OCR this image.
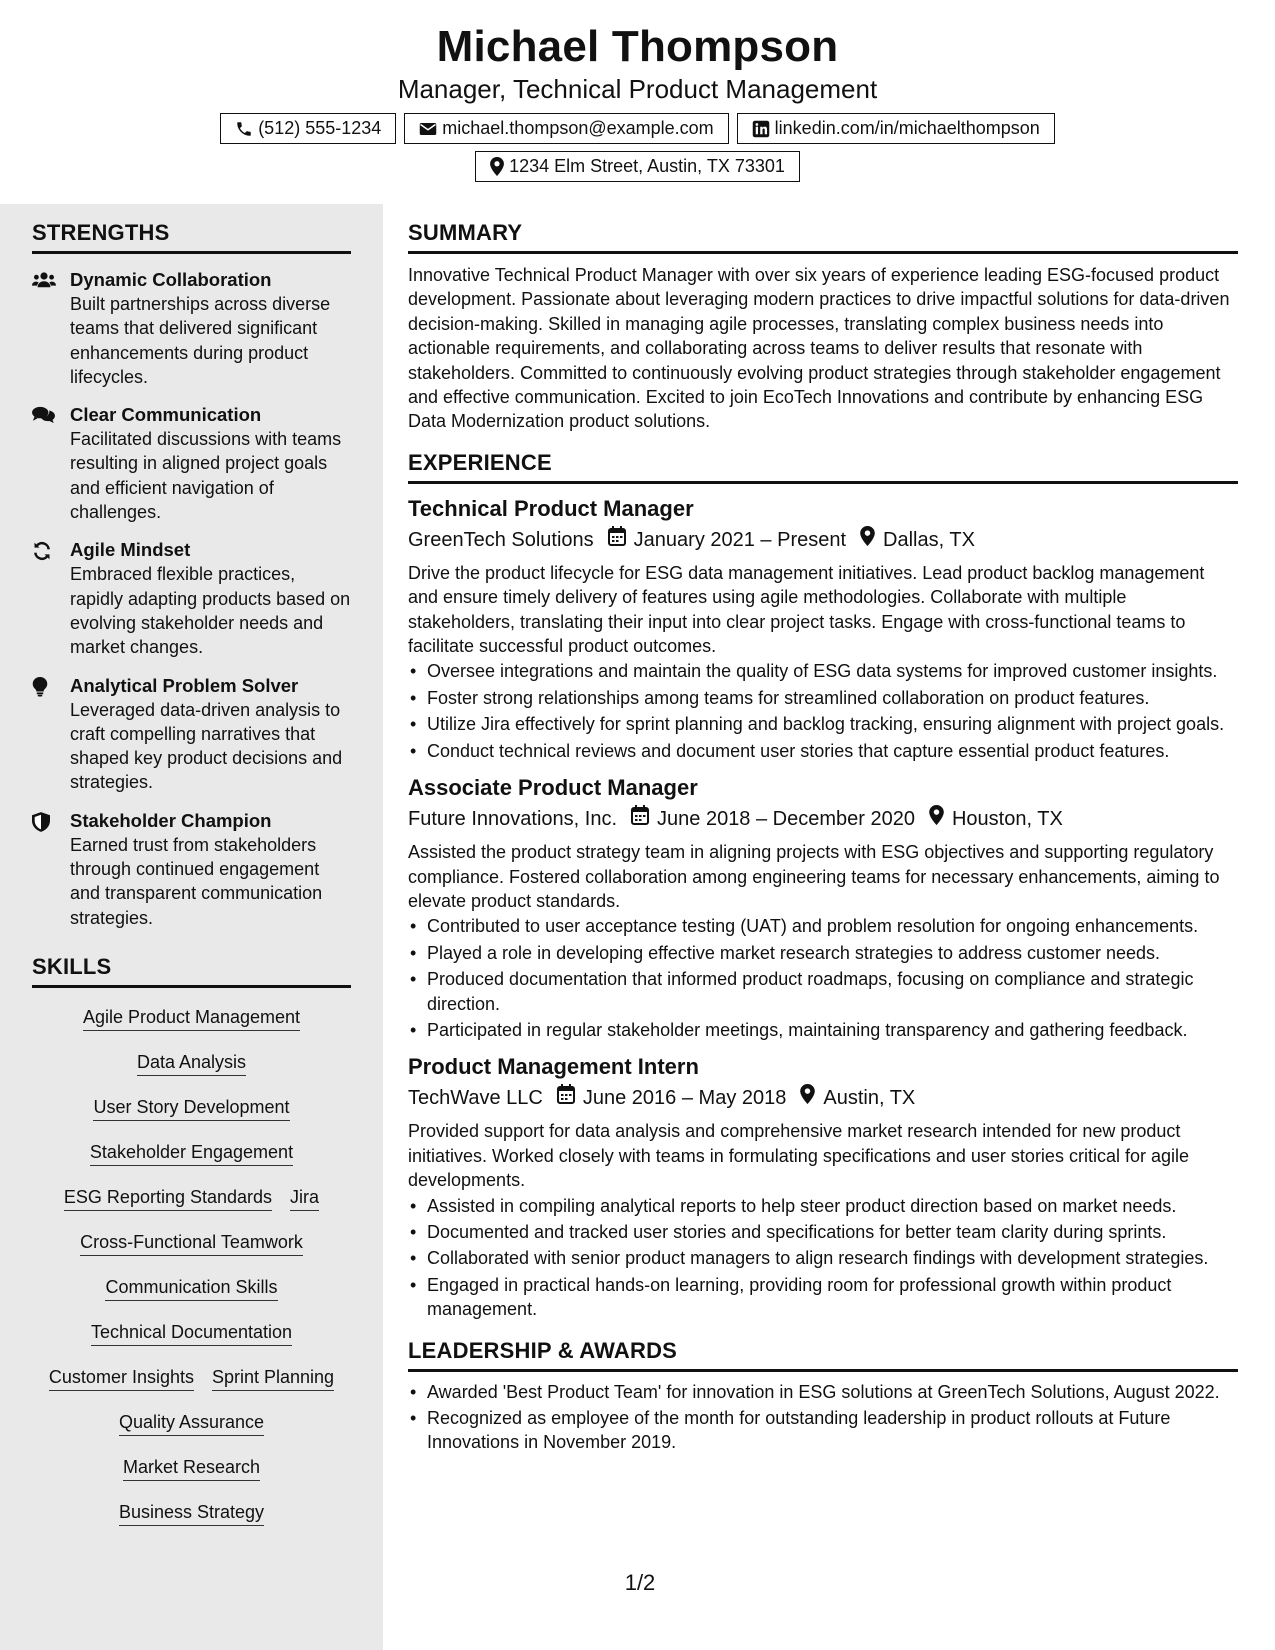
Michael Thompson
Manager, Technical Product Management
(512) 555-1234	michael.thompson@example.com	linkedin.com/in/michaelthompson
1234 Elm Street, Austin, TX 73301
STRENGTHS
Dynamic Collaboration
Built partnerships across diverse teams that delivered significant enhancements during product lifecycles.
Clear Communication
Facilitated discussions with teams resulting in aligned project goals and efficient navigation of challenges.
Agile Mindset
Embraced flexible practices, rapidly adapting products based on evolving stakeholder needs and market changes.
Analytical Problem Solver
Leveraged data-driven analysis to craft compelling narratives that shaped key product decisions and strategies.
Stakeholder Champion
Earned trust from stakeholders through continued engagement and transparent communication strategies.
SKILLS
Agile Product Management
Data Analysis
User Story Development
Stakeholder Engagement
ESG Reporting Standards Jira
Cross-Functional Teamwork
Communication Skills
Technical Documentation
Customer Insights Sprint Planning
Quality Assurance
Market Research
Business Strategy
SUMMARY
Innovative Technical Product Manager with over six years of experience leading ESG-focused product development. Passionate about leveraging modern practices to drive impactful solutions for data-driven decision-making. Skilled in managing agile processes, translating complex business needs into actionable requirements, and collaborating across teams to deliver results that resonate with stakeholders. Committed to continuously evolving product strategies through stakeholder engagement and effective communication. Excited to join EcoTech Innovations and contribute by enhancing ESG Data Modernization product solutions.
EXPERIENCE
Technical Product Manager
GreenTech Solutions January 2021 – Present Dallas, TX
Drive the product lifecycle for ESG data management initiatives. Lead product backlog management and ensure timely delivery of features using agile methodologies. Collaborate with multiple stakeholders, translating their input into clear project tasks. Engage with cross-functional teams to facilitate successful product outcomes.
• Oversee integrations and maintain the quality of ESG data systems for improved customer insights.
• Foster strong relationships among teams for streamlined collaboration on product features.
• Utilize Jira effectively for sprint planning and backlog tracking, ensuring alignment with project goals.
• Conduct technical reviews and document user stories that capture essential product features.
Associate Product Manager
Future Innovations, Inc. June 2018 – December 2020 Houston, TX
Assisted the product strategy team in aligning projects with ESG objectives and supporting regulatory compliance. Fostered collaboration among engineering teams for necessary enhancements, aiming to elevate product standards.
• Contributed to user acceptance testing (UAT) and problem resolution for ongoing enhancements.
• Played a role in developing effective market research strategies to address customer needs.
• Produced documentation that informed product roadmaps, focusing on compliance and strategic direction.
• Participated in regular stakeholder meetings, maintaining transparency and gathering feedback.
Product Management Intern
TechWave LLC June 2016 – May 2018 Austin, TX
Provided support for data analysis and comprehensive market research intended for new product initiatives. Worked closely with teams in formulating specifications and user stories critical for agile developments.
• Assisted in compiling analytical reports to help steer product direction based on market needs.
• Documented and tracked user stories and specifications for better team clarity during sprints.
• Collaborated with senior product managers to align research findings with development strategies.
• Engaged in practical hands-on learning, providing room for professional growth within product management.
LEADERSHIP & AWARDS
• Awarded 'Best Product Team' for innovation in ESG solutions at GreenTech Solutions, August 2022.
• Recognized as employee of the month for outstanding leadership in product rollouts at Future Innovations in November 2019.
1/2
